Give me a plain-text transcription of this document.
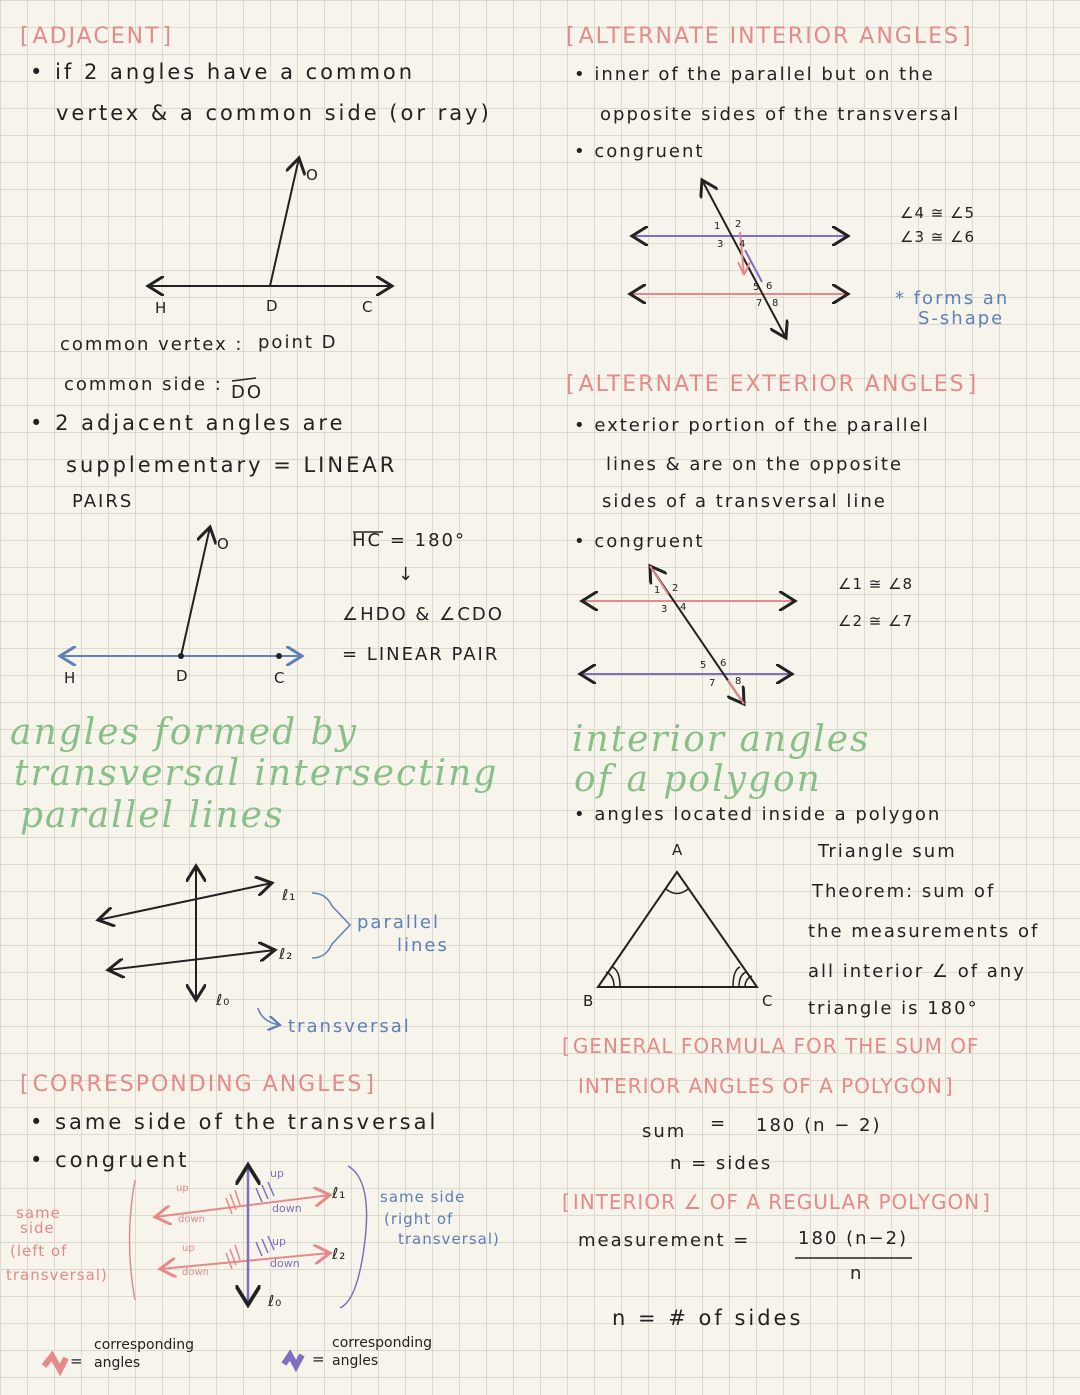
[ ADJACENT ]
• if 2 angles have a common
vertex & a common side (or ray)
O
H	D	C
common vertex : point D
common side : DO
• 2 adjacent angles are
supplementary = LINEAR
PAIRS
O
H	D	C
HC = 180°
↓
∠HDO & ∠CDO
= LINEAR PAIR
angles formed by
transversal intersecting
parallel lines
ℓ₁
ℓ₂
ℓ₀
parallel
lines
transversal
[ CORRESPONDING ANGLES ]
• same side of the transversal
• congruent
same
side
(left of
transversal)
up
down
up
down
up
down
up
down
ℓ₁
ℓ₂
ℓ₀
same side
(right of
transversal)
=
corresponding
angles	=
corresponding
angles
[ ALTERNATE INTERIOR ANGLES ]
• inner of the parallel but on the
opposite sides of the transversal
• congruent
1 2
3 4
5 6
7 8
∠4 ≅ ∠5
∠3 ≅ ∠6
* forms an
S-shape
[ ALTERNATE EXTERIOR ANGLES ]
• exterior portion of the parallel
lines & are on the opposite
sides of a transversal line
• congruent
1 2
3 4
5 6
7 8
∠1 ≅ ∠8
∠2 ≅ ∠7
interior angles
of a polygon
• angles located inside a polygon
A
B	C
Triangle sum
Theorem: sum of
the measurements of
all interior ∠ of any
triangle is 180°
[ GENERAL FORMULA FOR THE SUM OF
INTERIOR ANGLES OF A POLYGON ]
sum = 180 (n − 2)
n = sides
[ INTERIOR ∠ OF A REGULAR POLYGON ]
measurement =	180 (n−2)
n
n = # of sides
